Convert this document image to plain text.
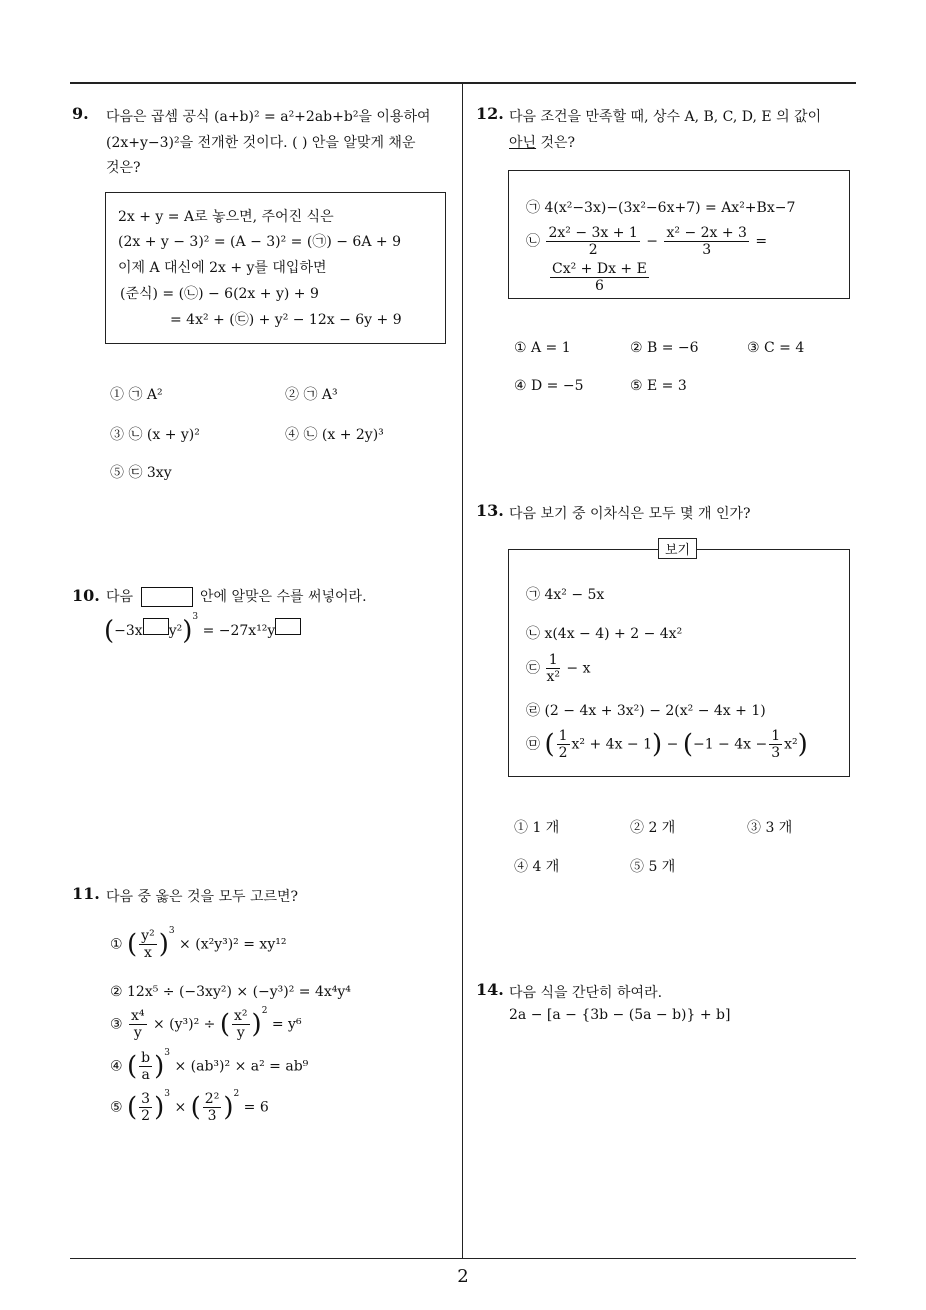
2
9. 다음은 곱셈 공식 (a+b)² = a²+2ab+b²을 이용하여
(2x+y−3)²을 전개한 것이다. ( ) 안을 알맞게 채운
것은?
2x + y = A로 놓으면, 주어진 식은
(2x + y − 3)² = (A − 3)² = (㉠) − 6A + 9
이제 A 대신에 2x + y를 대입하면
(준식) = (㉡) − 6(2x + y) + 9
= 4x² + (㉢) + y² − 12x − 6y + 9
① ㉠ A²	② ㉠ A³
③ ㉡ (x + y)²	④ ㉡ (x + 2y)³
⑤ ㉢ 3xy
10. 다음	안에 알맞은 수를 써넣어라.
(−3x y²)$^3$ = −27x¹²y
11. 다음 중 옳은 것을 모두 고르면?
① ( $\frac{\text{y²}}{x} )^3 \times (x^2y^3)^2 = xy^{12}$
② 12x⁵ ÷ (−3xy²) × (−y³)² = 4x⁴y⁴
③ $\frac{\text{x⁴}}{y} \times (y^3)^2$ ÷ ( $\frac{\text{x²}}{y} )^2 = y^6$
④ ( $\frac{b}{a} )^3 \times (ab^3)^2 \times a^2 = ab^9$
⑤ ( $\frac{3}{2} )^3$ × ( $\frac{\text{2²}}{3} )^2 = 6$
12. 다음 조건을 만족할 때, 상수 A, B, C, D, E 의 값이
아닌 것은?
㉠ 4(x²−3x)−(3x²−6x+7) = Ax²+Bx−7
㉡ $\frac{\text{2x² − 3x + 1}}{2} - \frac{\text{x² − 2x + 3}}{3}$ =
$\frac{\text{Cx² + Dx + E}}{6}$
① A = 1	② B = −6	③ C = 4
④ D = −5	⑤ E = 3
13. 다음 보기 중 이차식은 모두 몇 개 인가?
보기
㉠ 4x² − 5x
㉡ x(4x − 4) + 2 − 4x²
㉢ $\frac{1}{\text{x²}} - x$
㉣ (2 − 4x + 3x²) − 2(x² − 4x + 1)
㉤ ( $\frac{1}{2} x^2 + 4x - 1) - (-1 - 4x - \frac{1}{3} x^2)$
① 1 개	② 2 개	③ 3 개
④ 4 개	⑤ 5 개
14. 다음 식을 간단히 하여라.
2a − [a − {3b − (5a − b)} + b]
